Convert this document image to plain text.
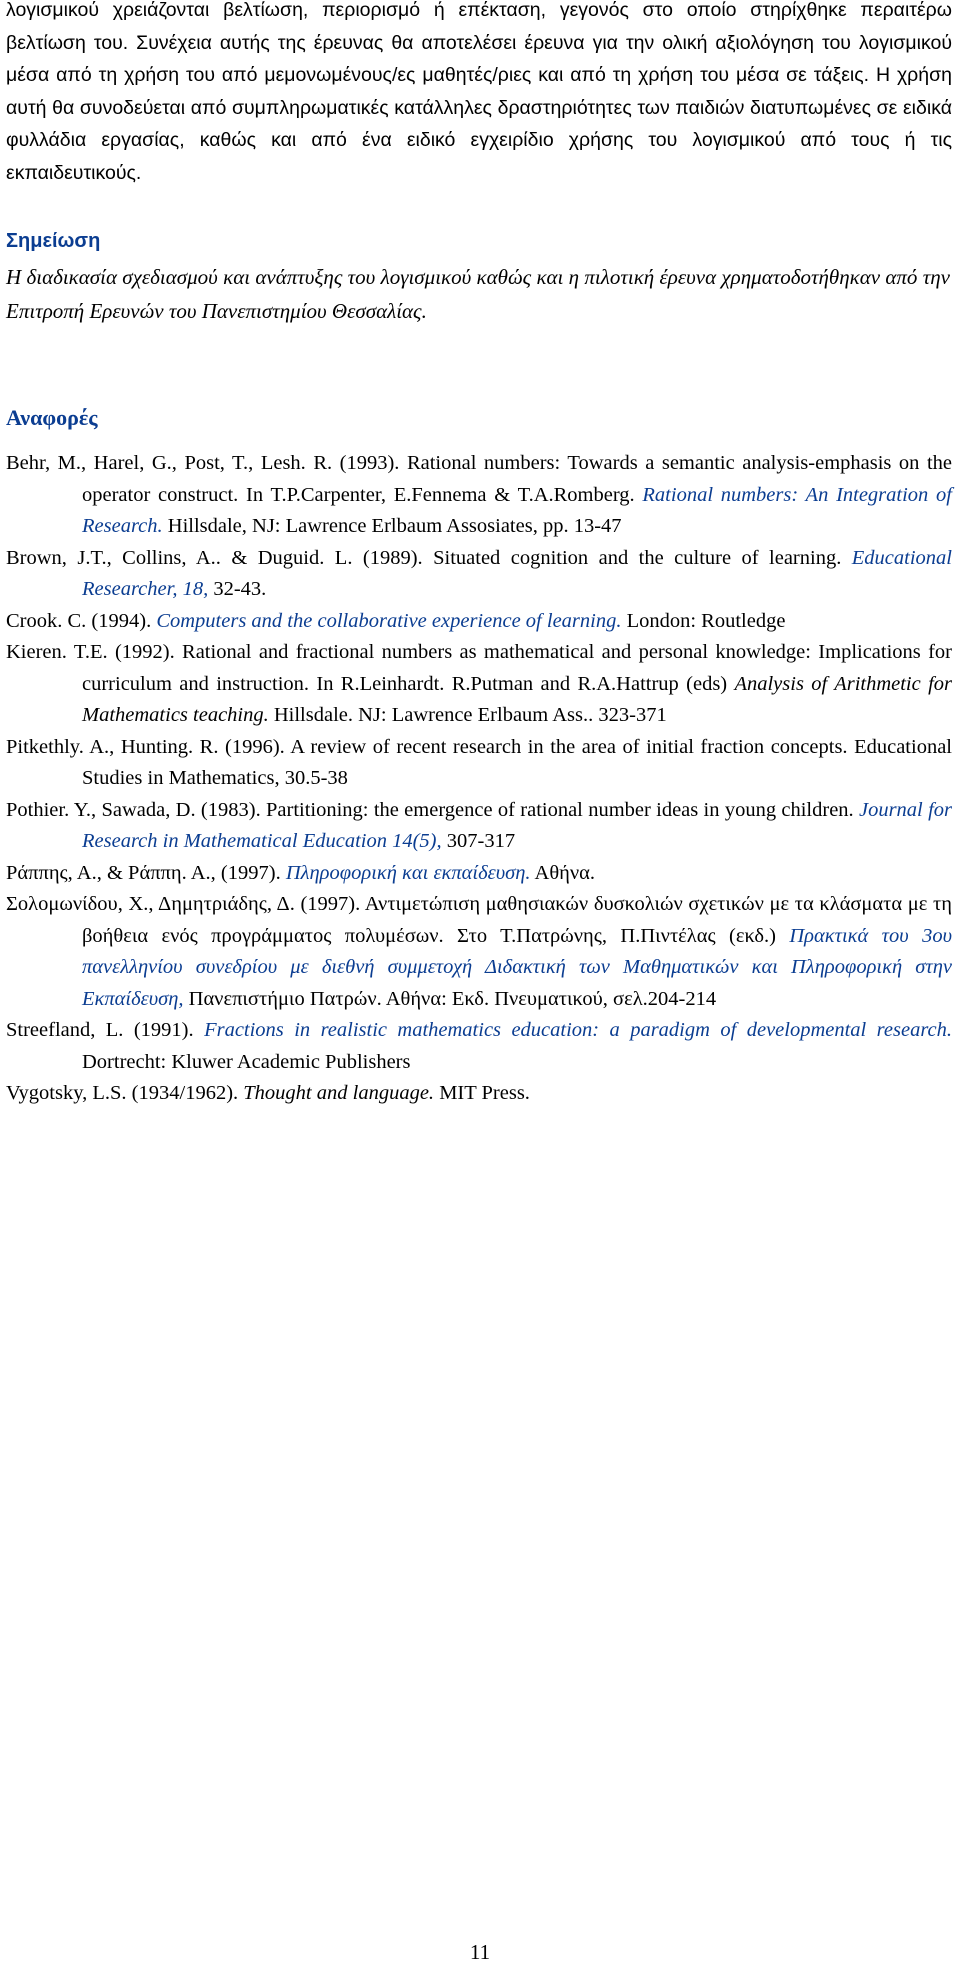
λογισμικού χρειάζονται βελτίωση, περιορισμό ή επέκταση, γεγονός στο οποίο στηρίχθηκε περαιτέρω βελτίωση του. Συνέχεια αυτής της έρευνας θα αποτελέσει έρευνα για την ολική αξιολόγηση του λογισμικού μέσα από τη χρήση του από μεμονωμένους/ες μαθητές/ριες και από τη χρήση του μέσα σε τάξεις. Η χρήση αυτή θα συνοδεύεται από συμπληρωματικές κατάλληλες δραστηριότητες των παιδιών διατυπωμένες σε ειδικά φυλλάδια εργασίας, καθώς και από ένα ειδικό εγχειρίδιο χρήσης του λογισμικού από τους ή τις εκπαιδευτικούς.

Σημείωση

Η διαδικασία σχεδιασμού και ανάπτυξης του λογισμικού καθώς και η πιλοτική έρευνα χρηματοδοτήθηκαν από την Επιτροπή Ερευνών του Πανεπιστημίου Θεσσαλίας.

Αναφορές

Behr, M., Harel, G., Post, T., Lesh. R. (1993). Rational numbers: Towards a semantic analysis-emphasis on the operator construct. In T.P.Carpenter, E.Fennema & T.A.Romberg. Rational numbers: An Integration of Research. Hillsdale, NJ: Lawrence Erlbaum Assosiates, pp. 13-47

Brown, J.T., Collins, A.. & Duguid. L. (1989). Situated cognition and the culture of learning. Educational Researcher, 18, 32-43.

Crook. C. (1994). Computers and the collaborative experience of learning. London: Routledge

Kieren. T.E. (1992). Rational and fractional numbers as mathematical and personal knowledge: Implications for curriculum and instruction. In R.Leinhardt. R.Putman and R.A.Hattrup (eds) Analysis of Arithmetic for Mathematics teaching. Hillsdale. NJ: Lawrence Erlbaum Ass.. 323-371

Pitkethly. A., Hunting. R. (1996). A review of recent research in the area of initial fraction concepts. Educational Studies in Mathematics, 30.5-38

Pothier. Y., Sawada, D. (1983). Partitioning: the emergence of rational number ideas in young children. Journal for Research in Mathematical Education 14(5), 307-317

Ράππης, Α., & Ράππη. Α., (1997). Πληροφορική και εκπαίδευση. Αθήνα.

Σολομωνίδου, Χ., Δημητριάδης, Δ. (1997). Αντιμετώπιση μαθησιακών δυσκολιών σχετικών με τα κλάσματα με τη βοήθεια ενός προγράμματος πολυμέσων. Στο Τ.Πατρώνης, Π.Πιντέλας (εκδ.) Πρακτικά του 3ου πανελληνίου συνεδρίου με διεθνή συμμετοχή Διδακτική των Μαθηματικών και Πληροφορική στην Εκπαίδευση, Πανεπιστήμιο Πατρών. Αθήνα: Εκδ. Πνευματικού, σελ.204-214

Streefland, L. (1991). Fractions in realistic mathematics education: a paradigm of developmental research. Dortrecht: Kluwer Academic Publishers

Vygotsky, L.S. (1934/1962). Thought and language. MIT Press.

11
